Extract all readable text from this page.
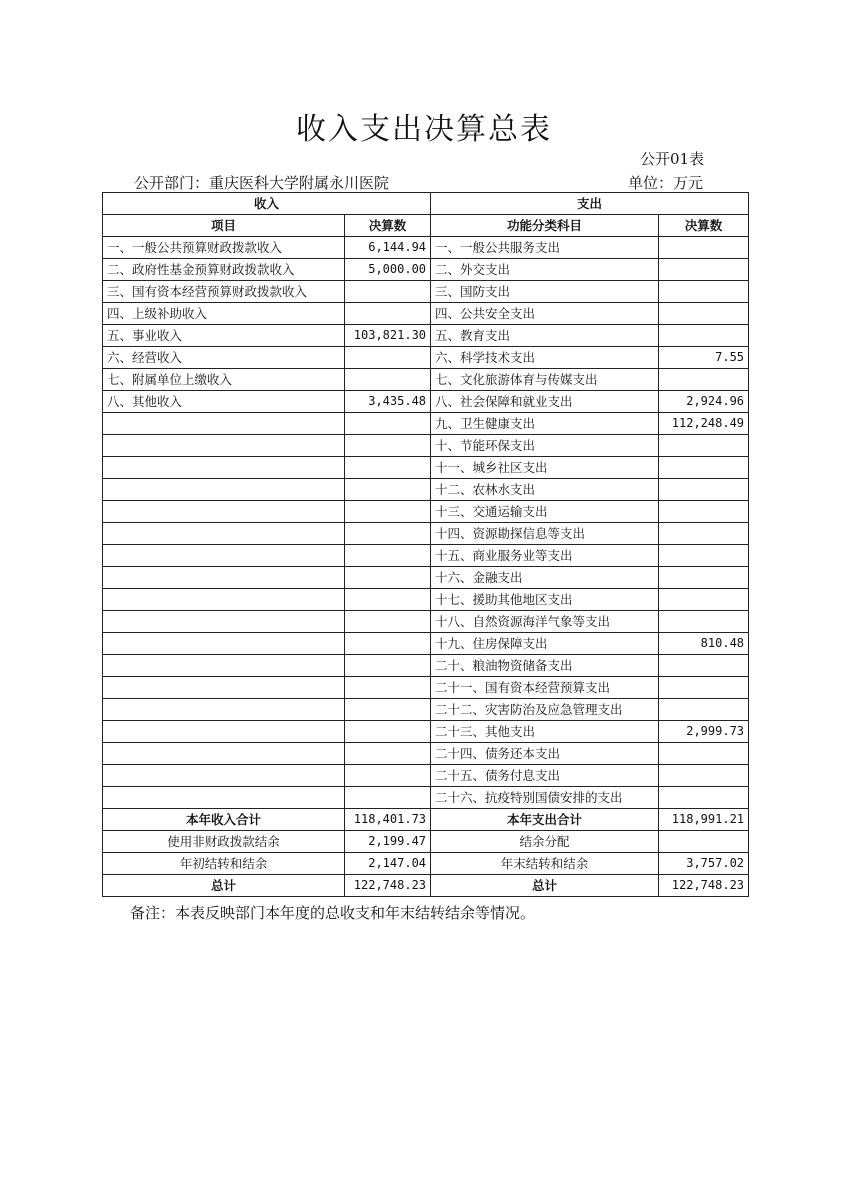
收入支出决算总表
公开01表
公开部门：重庆医科大学附属永川医院	单位：万元
收入		支出	
项目	决算数	功能分类科目	决算数
一、一般公共预算财政拨款收入	6,144.94	一、一般公共服务支出	
二、政府性基金预算财政拨款收入	5,000.00	二、外交支出	
三、国有资本经营预算财政拨款收入		三、国防支出	
四、上级补助收入		四、公共安全支出	
五、事业收入	103,821.30	五、教育支出	
六、经营收入		六、科学技术支出	7.55
七、附属单位上缴收入		七、文化旅游体育与传媒支出	
八、其他收入	3,435.48	八、社会保障和就业支出	2,924.96
		九、卫生健康支出	112,248.49
		十、节能环保支出	
		十一、城乡社区支出	
		十二、农林水支出	
		十三、交通运输支出	
		十四、资源勘探信息等支出	
		十五、商业服务业等支出	
		十六、金融支出	
		十七、援助其他地区支出	
		十八、自然资源海洋气象等支出	
		十九、住房保障支出	810.48
		二十、粮油物资储备支出	
		二十一、国有资本经营预算支出	
		二十二、灾害防治及应急管理支出	
		二十三、其他支出	2,999.73
		二十四、债务还本支出	
		二十五、债务付息支出	
		二十六、抗疫特别国债安排的支出	
本年收入合计	118,401.73	本年支出合计	118,991.21
使用非财政拨款结余	2,199.47	结余分配	
年初结转和结余	2,147.04	年末结转和结余	3,757.02
总计	122,748.23	总计	122,748.23
备注：本表反映部门本年度的总收支和年末结转结余等情况。
